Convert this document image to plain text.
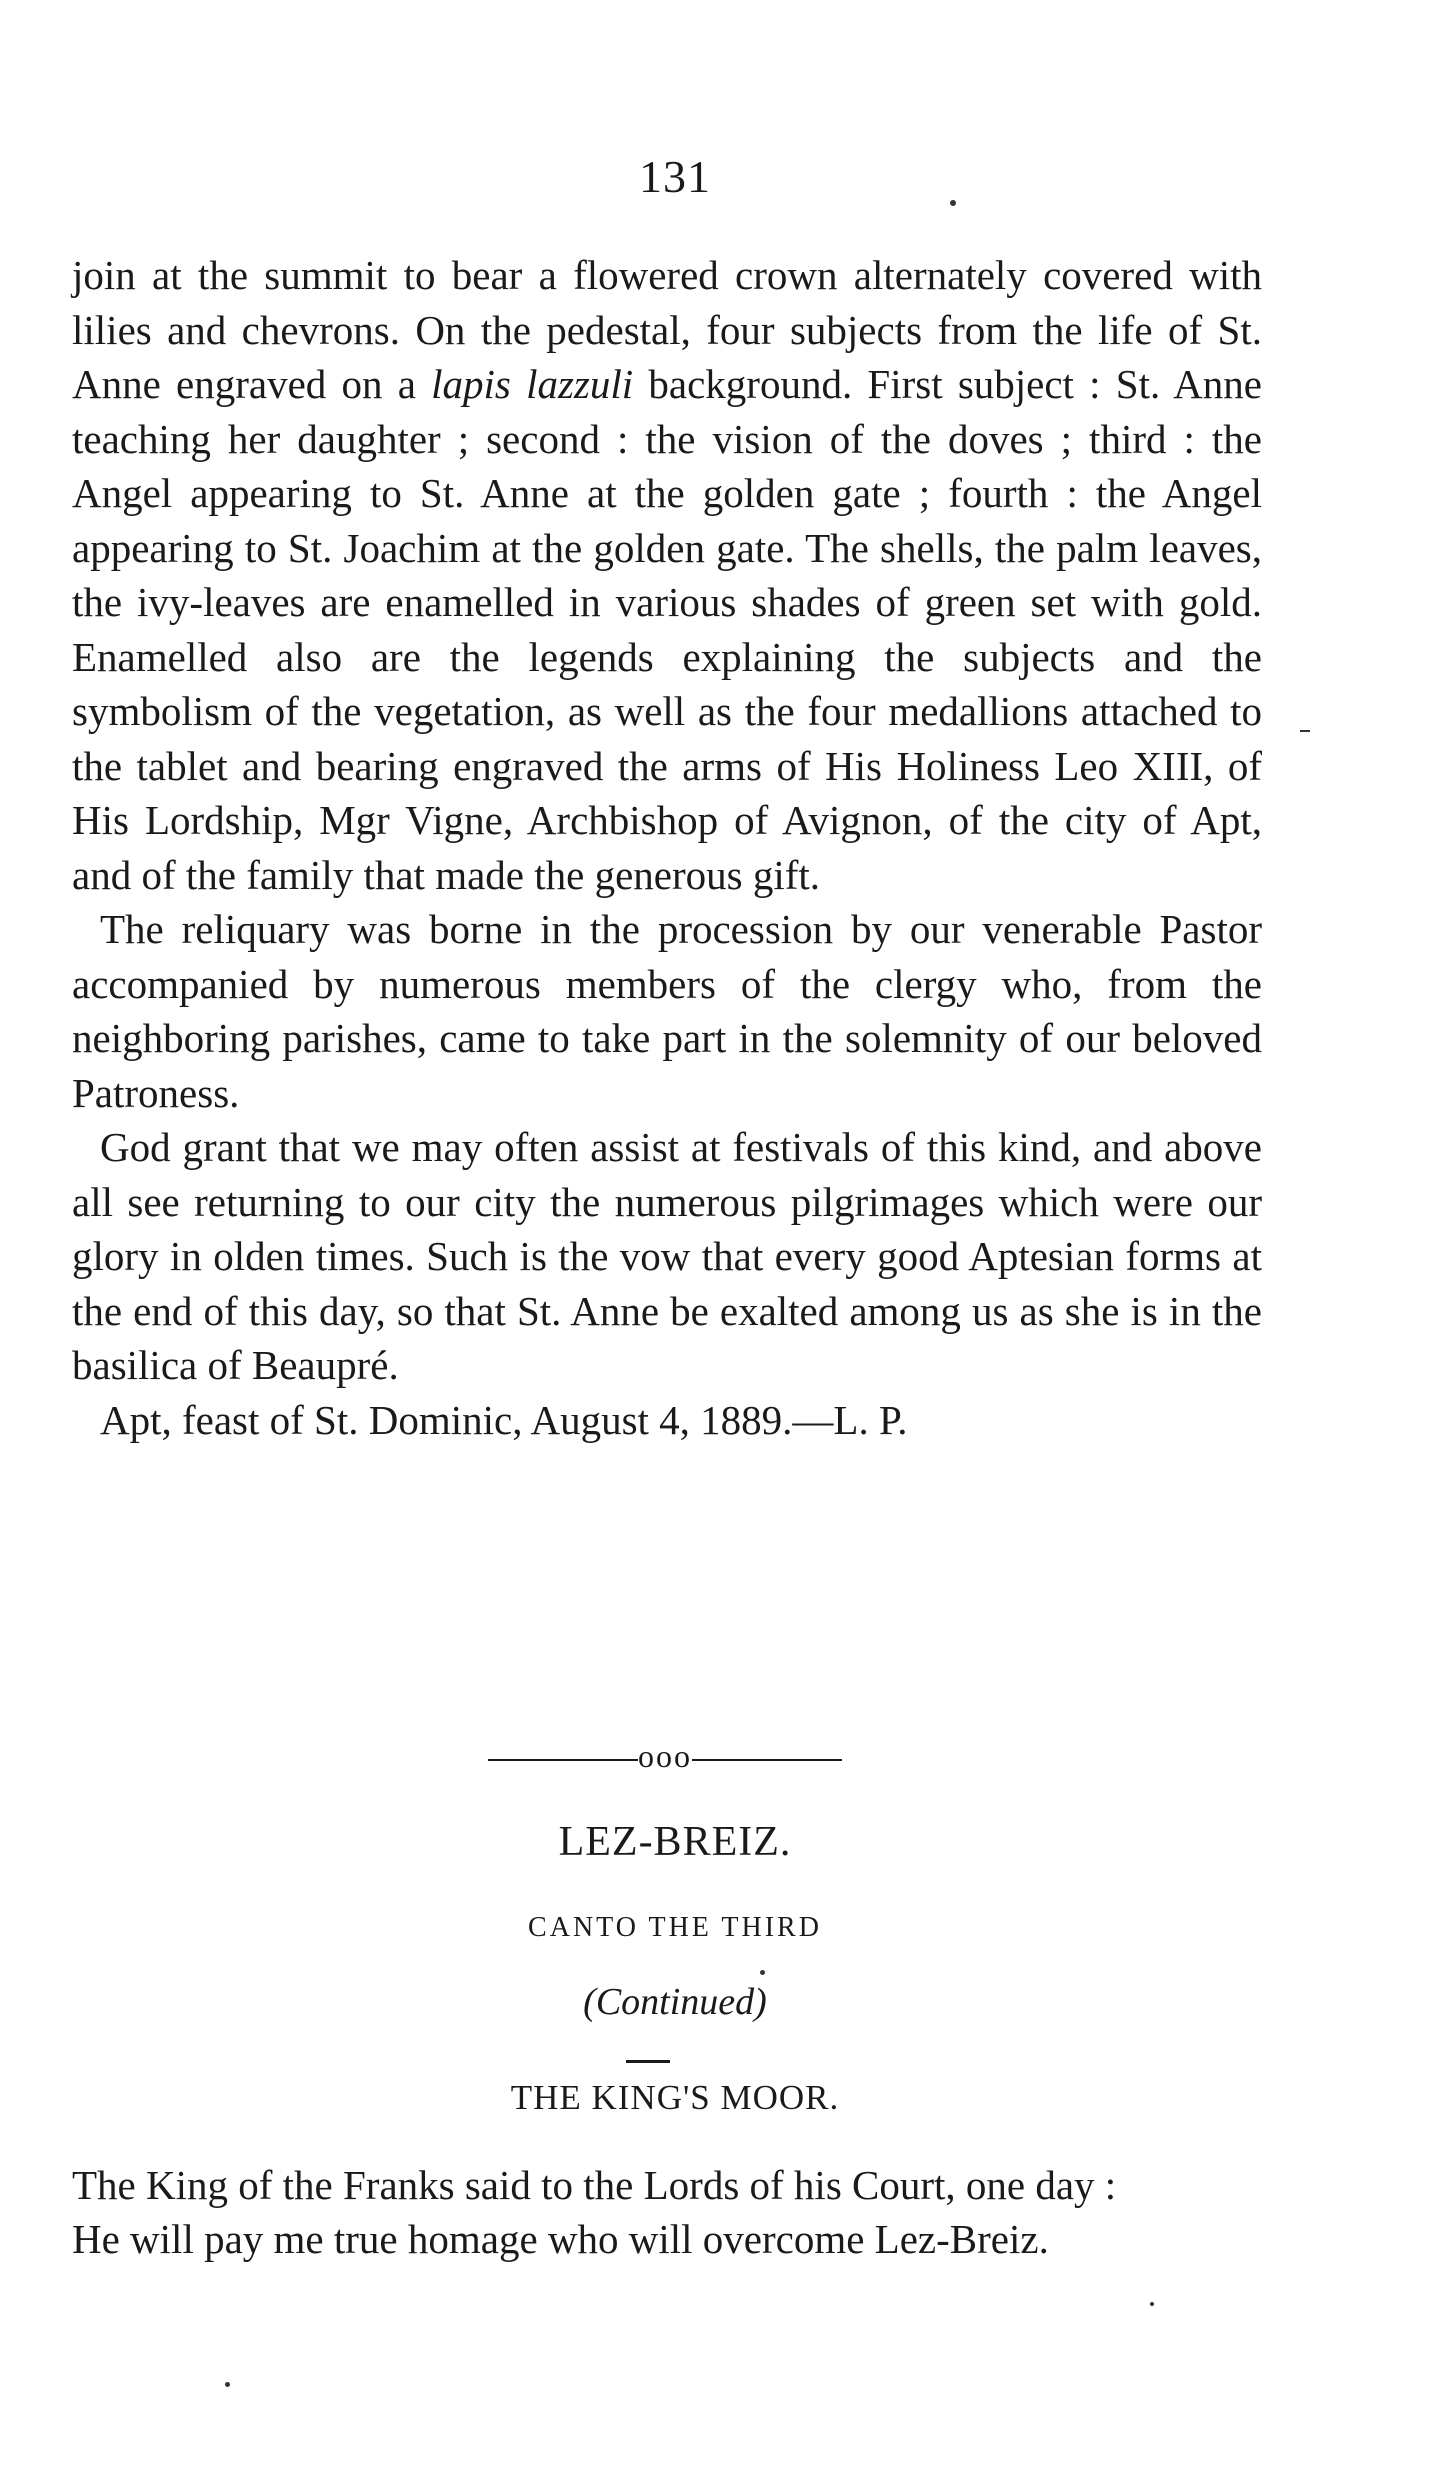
131

join at the summit to bear a flowered crown alternately covered with lilies and chevrons. On the pedestal, four subjects from the life of St. Anne engraved on a lapis lazzuli background. First subject : St. Anne teaching her daughter ; second : the vision of the doves ; third : the Angel appearing to St. Anne at the golden gate ; fourth : the Angel appearing to St. Joachim at the golden gate. The shells, the palm leaves, the ivy-leaves are enamelled in various shades of green set with gold. Enamelled also are the legends explaining the subjects and the symbolism of the vegetation, as well as the four medallions attached to the tablet and bearing engraved the arms of His Holiness Leo XIII, of His Lordship, Mgr Vigne, Archbishop of Avignon, of the city of Apt, and of the family that made the generous gift.

The reliquary was borne in the procession by our venerable Pastor accompanied by numerous members of the clergy who, from the neighboring parishes, came to take part in the solemnity of our beloved Patroness.

God grant that we may often assist at festivals of this kind, and above all see returning to our city the numerous pilgrimages which were our glory in olden times. Such is the vow that every good Aptesian forms at the end of this day, so that St. Anne be exalted among us as she is in the basilica of Beaupré.

Apt, feast of St. Dominic, August 4, 1889.—L. P.

ooo
LEZ-BREIZ.
CANTO THE THIRD
(Continued)
THE KING'S MOOR.

The King of the Franks said to the Lords of his Court, one day :

He will pay me true homage who will overcome Lez-Breiz.
